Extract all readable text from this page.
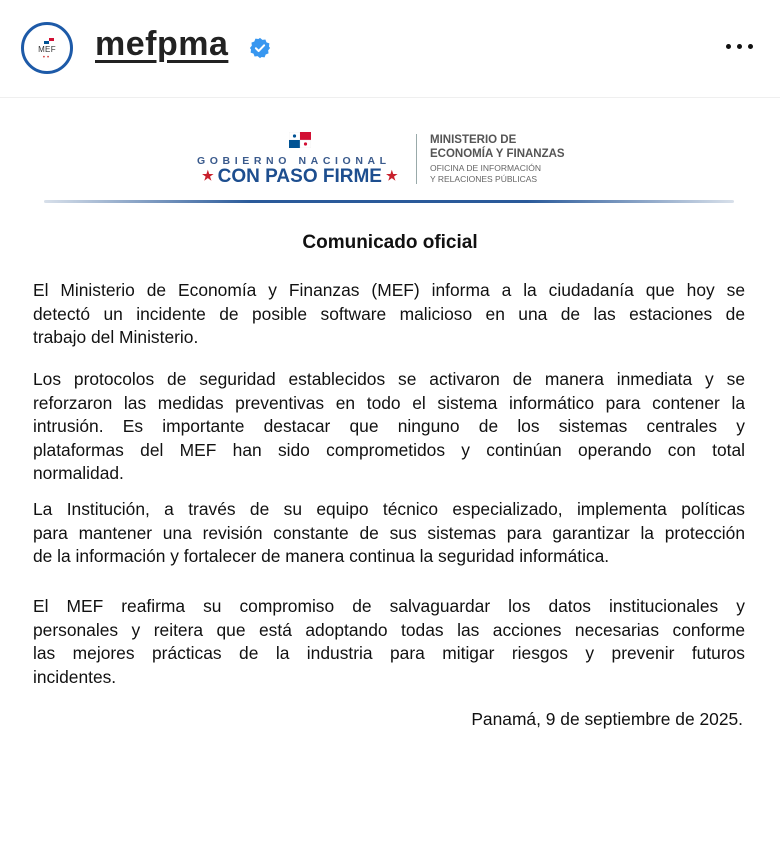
MEF
••	mefpma
GOBIERNO NACIONAL
★ CON PASO FIRME ★
MINISTERIO DE
ECONOMÍA Y FINANZAS
OFICINA DE INFORMACIÓN
Y RELACIONES PÚBLICAS
Comunicado oficial
El Ministerio de Economía y Finanzas (MEF) informa a la ciudadanía que hoy se
detectó un incidente de posible software malicioso en una de las estaciones de
trabajo del Ministerio.
Los protocolos de seguridad establecidos se activaron de manera inmediata y se
reforzaron las medidas preventivas en todo el sistema informático para contener la
intrusión. Es importante destacar que ninguno de los sistemas centrales y
plataformas del MEF han sido comprometidos y continúan operando con total
normalidad.
La Institución, a través de su equipo técnico especializado, implementa políticas
para mantener una revisión constante de sus sistemas para garantizar la protección
de la información y fortalecer de manera continua la seguridad informática.
El MEF reafirma su compromiso de salvaguardar los datos institucionales y
personales y reitera que está adoptando todas las acciones necesarias conforme
las mejores prácticas de la industria para mitigar riesgos y prevenir futuros
incidentes.
Panamá, 9 de septiembre de 2025.
